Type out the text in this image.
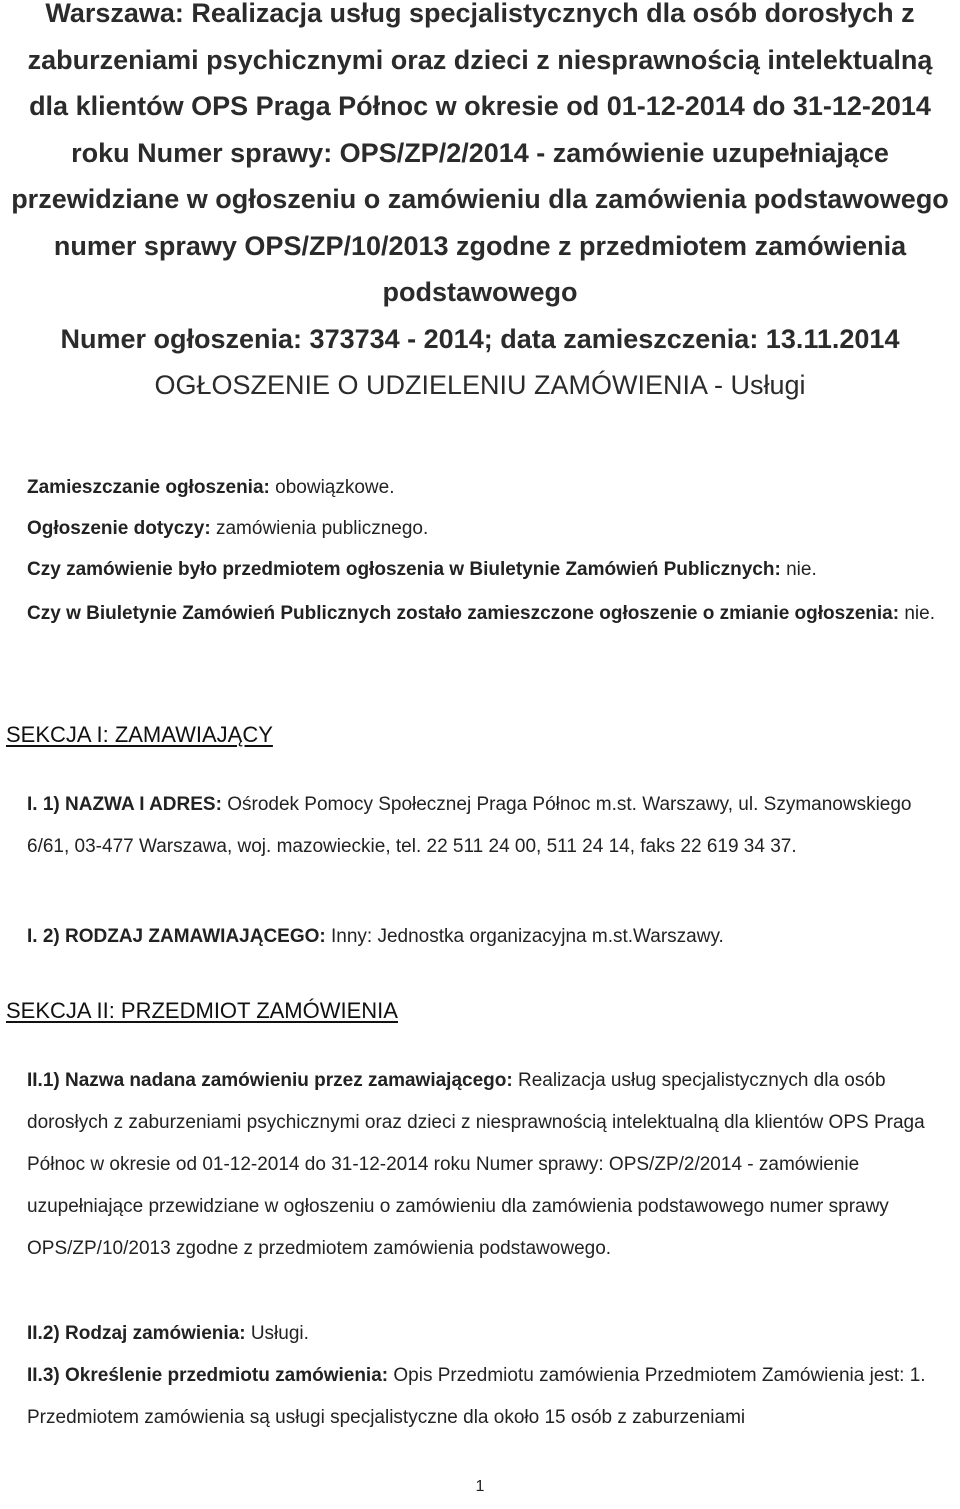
Warszawa: Realizacja usług specjalistycznych dla osób dorosłych z zaburzeniami psychicznymi oraz dzieci z niesprawnością intelektualną dla klientów OPS Praga Północ w okresie od 01-12-2014 do 31-12-2014 roku Numer sprawy: OPS/ZP/2/2014 - zamówienie uzupełniające przewidziane w ogłoszeniu o zamówieniu dla zamówienia podstawowego numer sprawy OPS/ZP/10/2013 zgodne z przedmiotem zamówienia podstawowego

Numer ogłoszenia: 373734 - 2014; data zamieszczenia: 13.11.2014

OGŁOSZENIE O UDZIELENIU ZAMÓWIENIA - Usługi

Zamieszczanie ogłoszenia: obowiązkowe.

Ogłoszenie dotyczy: zamówienia publicznego.

Czy zamówienie było przedmiotem ogłoszenia w Biuletynie Zamówień Publicznych: nie.

Czy w Biuletynie Zamówień Publicznych zostało zamieszczone ogłoszenie o zmianie ogłoszenia: nie.

SEKCJA I: ZAMAWIAJĄCY

I. 1) NAZWA I ADRES: Ośrodek Pomocy Społecznej Praga Północ m.st. Warszawy, ul. Szymanowskiego 6/61, 03-477 Warszawa, woj. mazowieckie, tel. 22 511 24 00, 511 24 14, faks 22 619 34 37.

I. 2) RODZAJ ZAMAWIAJĄCEGO: Inny: Jednostka organizacyjna m.st.Warszawy.

SEKCJA II: PRZEDMIOT ZAMÓWIENIA

II.1) Nazwa nadana zamówieniu przez zamawiającego: Realizacja usług specjalistycznych dla osób dorosłych z zaburzeniami psychicznymi oraz dzieci z niesprawnością intelektualną dla klientów OPS Praga Północ w okresie od 01-12-2014 do 31-12-2014 roku Numer sprawy: OPS/ZP/2/2014 - zamówienie uzupełniające przewidziane w ogłoszeniu o zamówieniu dla zamówienia podstawowego numer sprawy OPS/ZP/10/2013 zgodne z przedmiotem zamówienia podstawowego.

II.2) Rodzaj zamówienia: Usługi.

II.3) Określenie przedmiotu zamówienia: Opis Przedmiotu zamówienia Przedmiotem Zamówienia jest: 1. Przedmiotem zamówienia są usługi specjalistyczne dla około 15 osób z zaburzeniami

1
